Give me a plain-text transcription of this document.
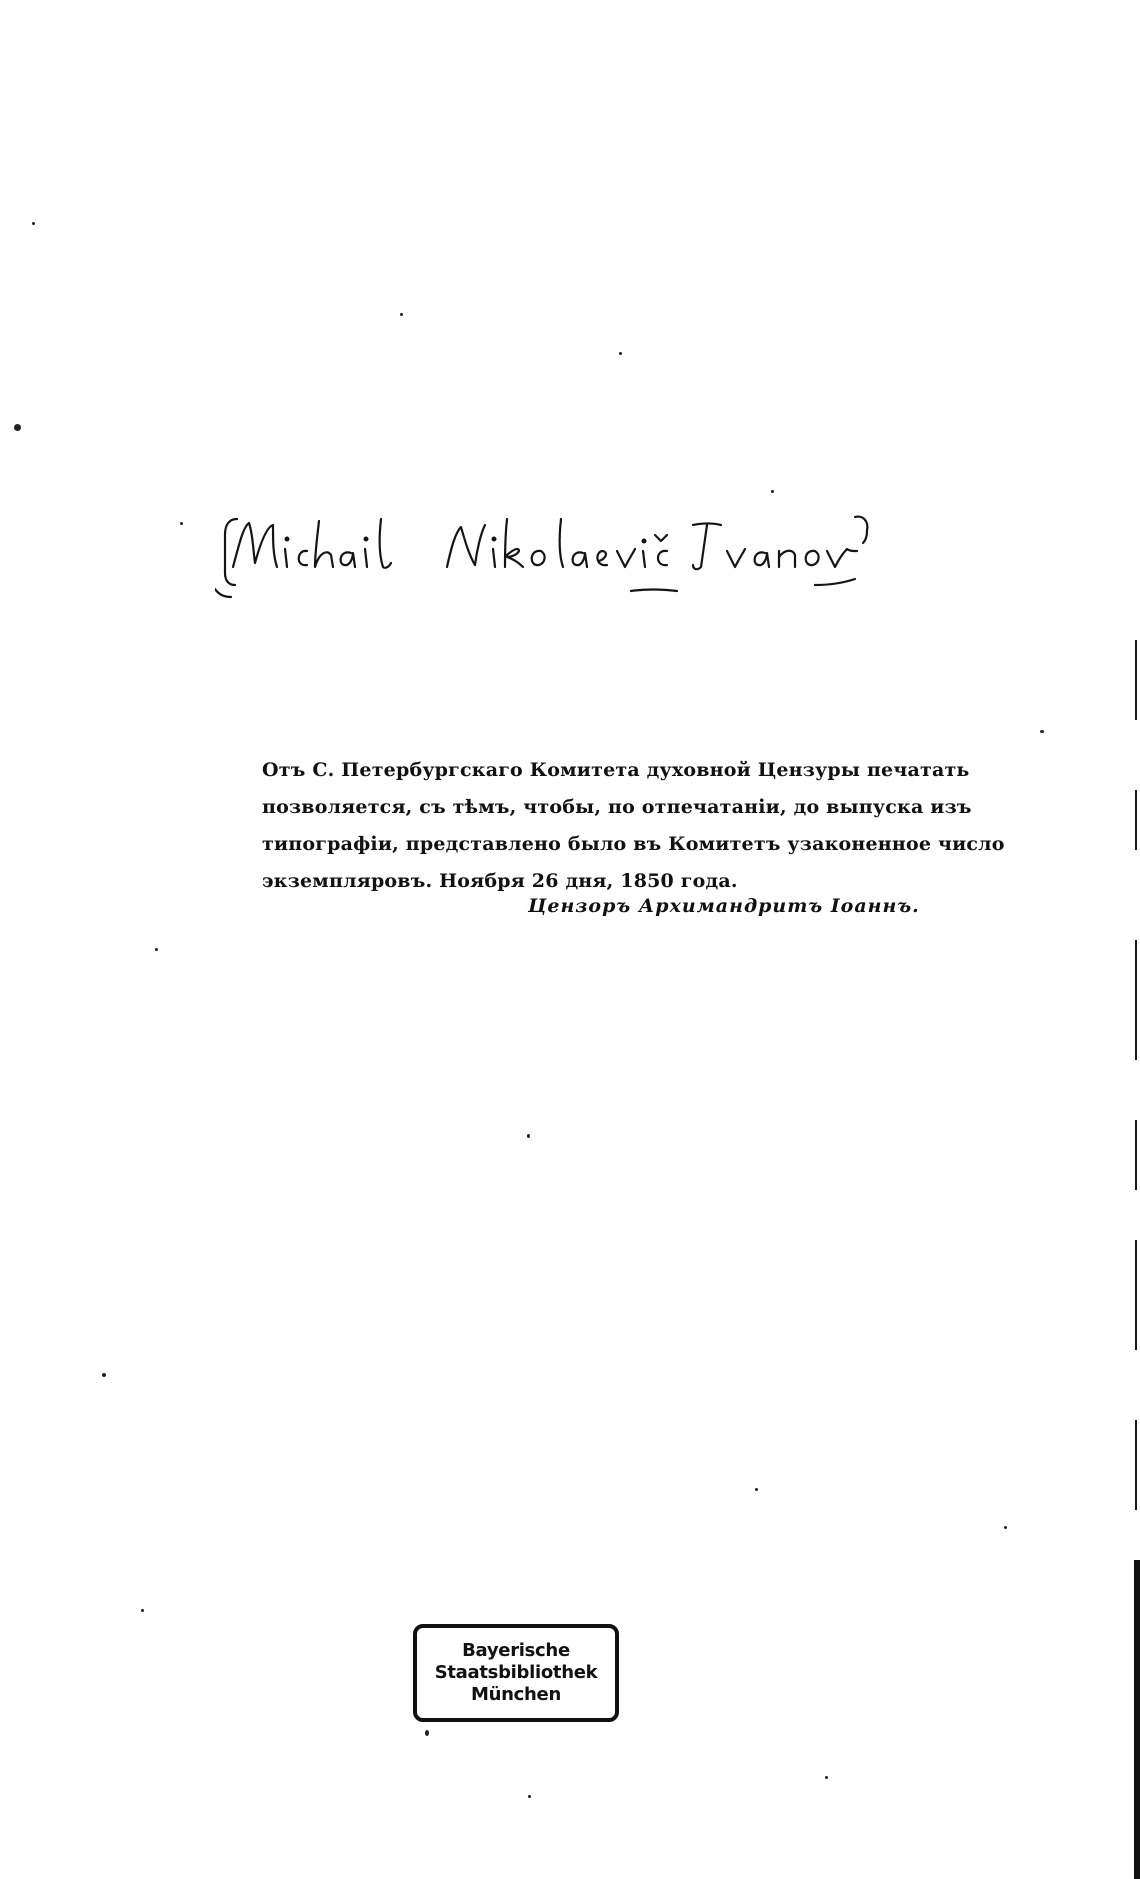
Отъ С. Петербургскаго Комитета духовной Цензуры печатать
позволяется, съ тѣмъ, чтобы, по отпечатаніи, до выпуска изъ
типографіи, представлено было въ Комитетъ узаконенное число
экземпляровъ. Ноября 26 дня, 1850 года.
Цензоръ Архимандритъ Іоаннъ.
Bayerische
Staatsbibliothek
München
